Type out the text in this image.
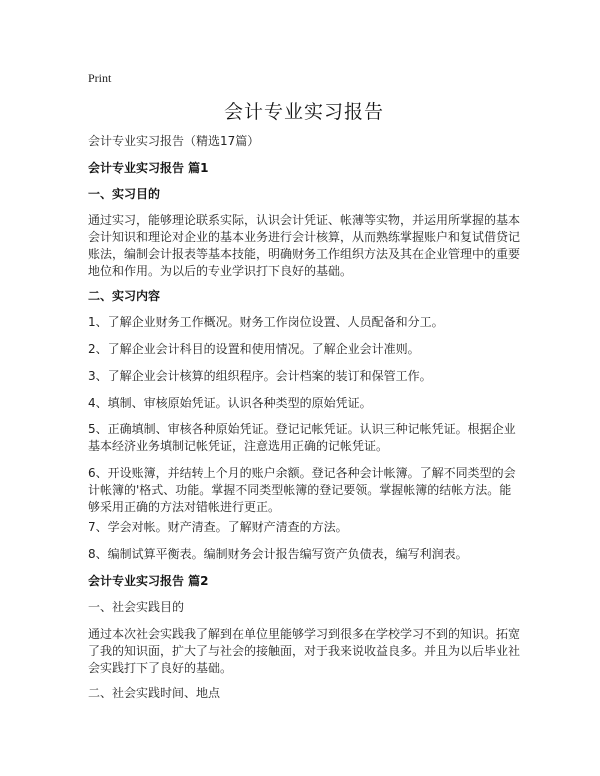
Print
会计专业实习报告
会计专业实习报告（精选17篇）
会计专业实习报告 篇1
一、实习目的
通过实习，能够理论联系实际，认识会计凭证、帐薄等实物，并运用所掌握的基本会计知识和理论对企业的基本业务进行会计核算，从而熟练掌握账户和复试借贷记账法，编制会计报表等基本技能，明确财务工作组织方法及其在企业管理中的重要地位和作用。为以后的专业学识打下良好的基础。
二、实习内容
1、了解企业财务工作概况。财务工作岗位设置、人员配备和分工。
2、了解企业会计科目的设置和使用情况。了解企业会计准则。
3、了解企业会计核算的组织程序。会计档案的装订和保管工作。
4、填制、审核原始凭证。认识各种类型的原始凭证。
5、正确填制、审核各种原始凭证。登记记帐凭证。认识三种记帐凭证。根据企业基本经济业务填制记帐凭证，注意选用正确的记帐凭证。
6、开设账簿，并结转上个月的账户余额。登记各种会计帐簿。了解不同类型的会计帐簿的'格式、功能。掌握不同类型帐簿的登记要领。掌握帐簿的结帐方法。能够采用正确的方法对错帐进行更正。
7、学会对帐。财产清查。了解财产清查的方法。
8、编制试算平衡表。编制财务会计报告编写资产负债表，编写利润表。
会计专业实习报告 篇2
一、社会实践目的
通过本次社会实践我了解到在单位里能够学习到很多在学校学习不到的知识。拓宽了我的知识面，扩大了与社会的接触面，对于我来说收益良多。并且为以后毕业社会实践打下了良好的基础。
二、社会实践时间、地点
